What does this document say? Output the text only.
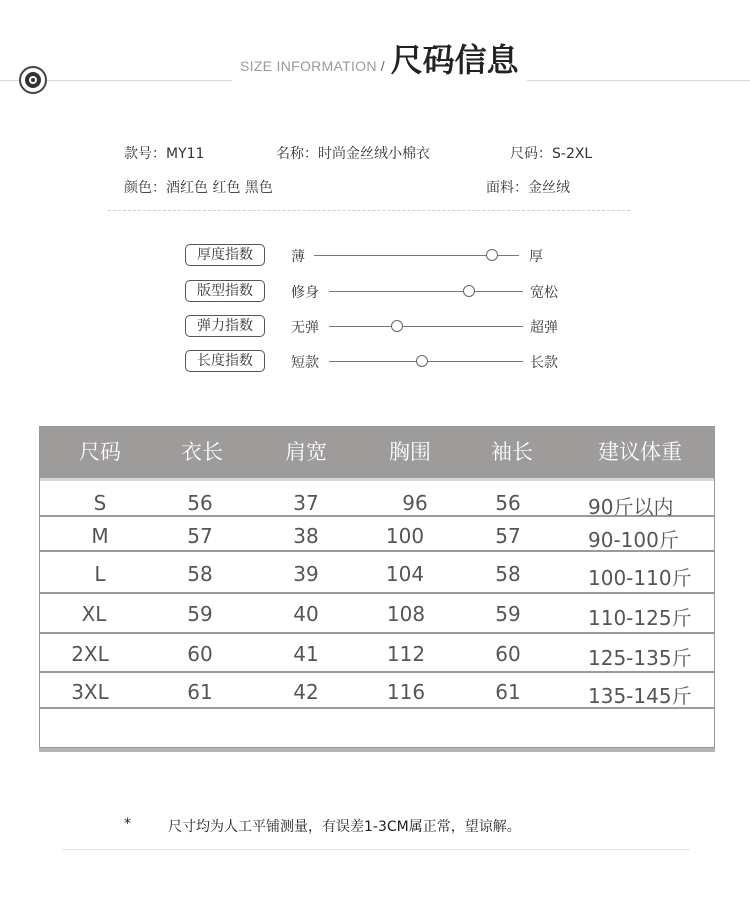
SIZE INFORMATION / 尺码信息
款号：MY11	名称：时尚金丝绒小棉衣	尺码：S-2XL
颜色：酒红色 红色 黑色	面料：金丝绒
厚度指数	薄	厚
版型指数	修身	宽松
弹力指数	无弹	超弹
长度指数	短款	长款
尺码	衣长	肩宽	胸围	袖长	建议体重
S	56	37	96	56	90斤以内
M	57	38	100	57	90-100斤
L	58	39	104	58	100-110斤
XL	59	40	108	59	110-125斤
2XL	60	41	112	60	125-135斤
3XL	61	42	116	61	135-145斤
*	尺寸均为人工平铺测量，有误差1-3CM属正常，望谅解。
